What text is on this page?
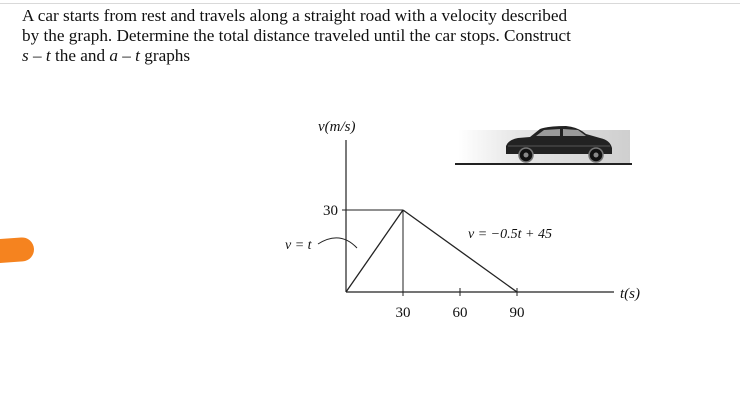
A car starts from rest and travels along a straight road with a velocity described
by the graph. Determine the total distance traveled until the car stops. Construct
s – t the and a – t graphs

30	60	90
30
v(m/s)
t(s)
v = t
v = −0.5t + 45
